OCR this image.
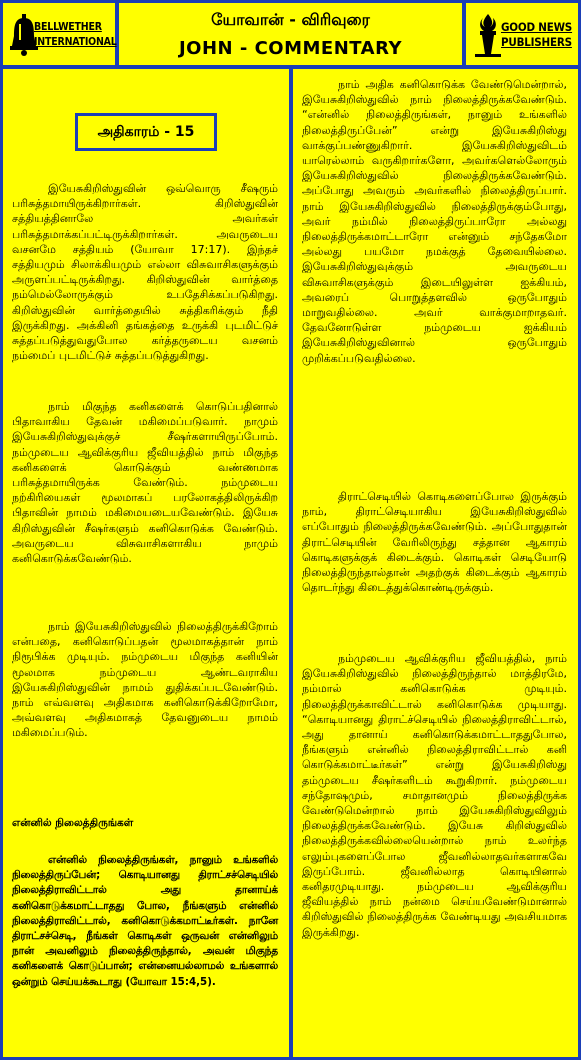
BELLWETHER
INTERNATIONAL
யோவான் - விரிவுரை
JOHN - COMMENTARY
GOOD NEWS
PUBLISHERS
அதிகாரம் - 15

இயேசுகிறிஸ்துவின் ஒவ்வொரு சீஷரும் பரிசுத்தமாயிருக்கிறார்கள். கிறிஸ்துவின் சத்தியத்தினாலே அவர்கள் பரிசுத்தமாக்கப்பட்டிருக்கிறார்கள். அவருடைய வசனமே சத்தியம் (யோவா 17:17). இந்தச் சத்தியமும் சிலாக்கியமும் எல்லா விசுவாசிகளுக்கும் அருளப்பட்டிருக்கிறது. கிறிஸ்துவின் வார்த்தை நம்மெல்லோருக்கும் உபதேசிக்கப்படுகிறது. கிறிஸ்துவின் வார்த்தையில் சுத்திகரிக்கும் நீதி இருக்கிறது. அக்கினி தங்கத்தை உருக்கி புடமிட்டுச் சுத்தப்படுத்துவதுபோல கர்த்தருடைய வசனம் நம்மைப் புடமிட்டுச் சுத்தப்படுத்துகிறது.

நாம் மிகுந்த கனிகளைக் கொடுப்பதினால் பிதாவாகிய தேவன் மகிமைப்படுவார். நாமும் இயேசுகிறிஸ்துவுக்குச் சீஷர்களாயிருப்போம். நம்முடைய ஆவிக்குரிய ஜீவியத்தில் நாம் மிகுந்த கனிகளைக் கொடுக்கும் வண்ணமாக பரிசுத்தமாயிருக்க வேண்டும். நம்முடைய நற்கிரியைகள் மூலமாகப் பரலோகத்திலிருக்கிற பிதாவின் நாமம் மகிமையடையவேண்டும். இயேசு கிறிஸ்துவின் சீஷர்களும் கனிகொடுக்க வேண்டும். அவருடைய விசுவாசிகளாகிய நாமும் கனிகொடுக்கவேண்டும்.

நாம் இயேசுகிறிஸ்துவில் நிலைத்திருக்கிறோம் என்பதை, கனிகொடுப்பதன் மூலமாகத்தான் நாம் நிரூபிக்க முடியும். நம்முடைய மிகுந்த கனியின் மூலமாக நம்முடைய ஆண்டவராகிய இயேசுகிறிஸ்துவின் நாமம் துதிக்கப்படவேண்டும். நாம் எவ்வளவு அதிகமாக கனிகொடுக்கிறோமோ, அவ்வளவு அதிகமாகத் தேவனுடைய நாமம் மகிமைப்படும்.

என்னில் நிலைத்திருங்கள்

என்னில் நிலைத்திருங்கள், நானும் உங்களில் நிலைத்திருப்பேன்; கொடியானது திராட்சச்செடியில் நிலைத்திராவிட்டால் அது தானாய்க் கனிகொடுக்கமாட்டாதது போல, நீங்களும் என்னில் நிலைத்திராவிட்டால், கனிகொடுக்கமாட்டீர்கள். நானே திராட்சச்செடி, நீங்கள் கொடிகள் ஒருவன் என்னிலும் நான் அவனிலும் நிலைத்திருந்தால், அவன் மிகுந்த கனிகளைக் கொடுப்பான்; என்னையல்லாமல் உங்களால் ஒன்றும் செய்யக்கூடாது (யோவா 15:4,5).

நாம் அதிக கனிகொடுக்க வேண்டுமென்றால், இயேசுகிறிஸ்துவில் நாம் நிலைத்திருக்கவேண்டும். “என்னில் நிலைத்திருங்கள், நானும் உங்களில் நிலைத்திருப்பேன்” என்று இயேசுகிறிஸ்து வாக்குப்பண்ணுகிறார். இயேசுகிறிஸ்துவிடம் யாரெல்லாம் வருகிறார்களோ, அவர்களெல்லோரும் இயேசுகிறிஸ்துவில் நிலைத்திருக்கவேண்டும். அப்போது அவரும் அவர்களில் நிலைத்திருப்பார். நாம் இயேசுகிறிஸ்துவில் நிலைத்திருக்கும்போது, அவர் நம்மில் நிலைத்திருப்பாரோ அல்லது நிலைத்திருக்கமாட்டாரோ என்னும் சந்தேகமோ அல்லது பயமோ நமக்குத் தேவையில்லை. இயேசுகிறிஸ்துவுக்கும் அவருடைய விசுவாசிகளுக்கும் இடையிலுள்ள ஐக்கியம், அவரைப் பொறுத்தளவில் ஒருபோதும் மாறுவதில்லை. அவர் வாக்குமாறாதவர். தேவனோடுள்ள நம்முடைய ஐக்கியம் இயேசுகிறிஸ்துவினால் ஒருபோதும் முறிக்கப்படுவதில்லை.

திராட்செடியில் கொடிகளைப்போல இருக்கும் நாம், திராட்செடியாகிய இயேசுகிறிஸ்துவில் எப்போதும் நிலைத்திருக்கவேண்டும். அப்போதுதான் திராட்செடியின் வேரிலிருந்து சத்தான ஆகாரம் கொடிகளுக்குக் கிடைக்கும். கொடிகள் செடியோடு நிலைத்திருந்தால்தான் அதற்குக் கிடைக்கும் ஆகாரம் தொடர்ந்து கிடைத்துக்கொண்டிருக்கும்.

நம்முடைய ஆவிக்குரிய ஜீவியத்தில், நாம் இயேசுகிறிஸ்துவில் நிலைத்திருந்தால் மாத்திரமே, நம்மால் கனிகொடுக்க முடியும். நிலைத்திருக்காவிட்டால் கனிகொடுக்க முடியாது. “கொடியானது திராட்ச்செடியில் நிலைத்திராவிட்டால், அது தானாய் கனிகொடுக்கமாட்டாததுபோல, நீங்களும் என்னில் நிலைத்திராவிட்டால் கனி கொடுக்கமாட்டீர்கள்” என்று இயேசுகிறிஸ்து தம்முடைய சீஷர்களிடம் கூறுகிறார். நம்முடைய சந்தோஷமும், சமாதானமும் நிலைத்திருக்க வேண்டுமென்றால் நாம் இயேசுகிறிஸ்துவிலும் நிலைத்திருக்கவேண்டும். இயேசு கிறிஸ்துவில் நிலைத்திருக்கவில்லையென்றால் நாம் உலர்ந்த எலும்புகளைப்போல ஜீவனில்லாதவர்களாகவே இருப்போம். ஜீவனில்லாத கொடியினால் கனிதரமுடியாது. நம்முடைய ஆவிக்குரிய ஜீவியத்தில் நாம் நன்மை செய்யவேண்டுமானால் கிறிஸ்துவில் நிலைத்திருக்க வேண்டியது அவசியமாக இருக்கிறது.
